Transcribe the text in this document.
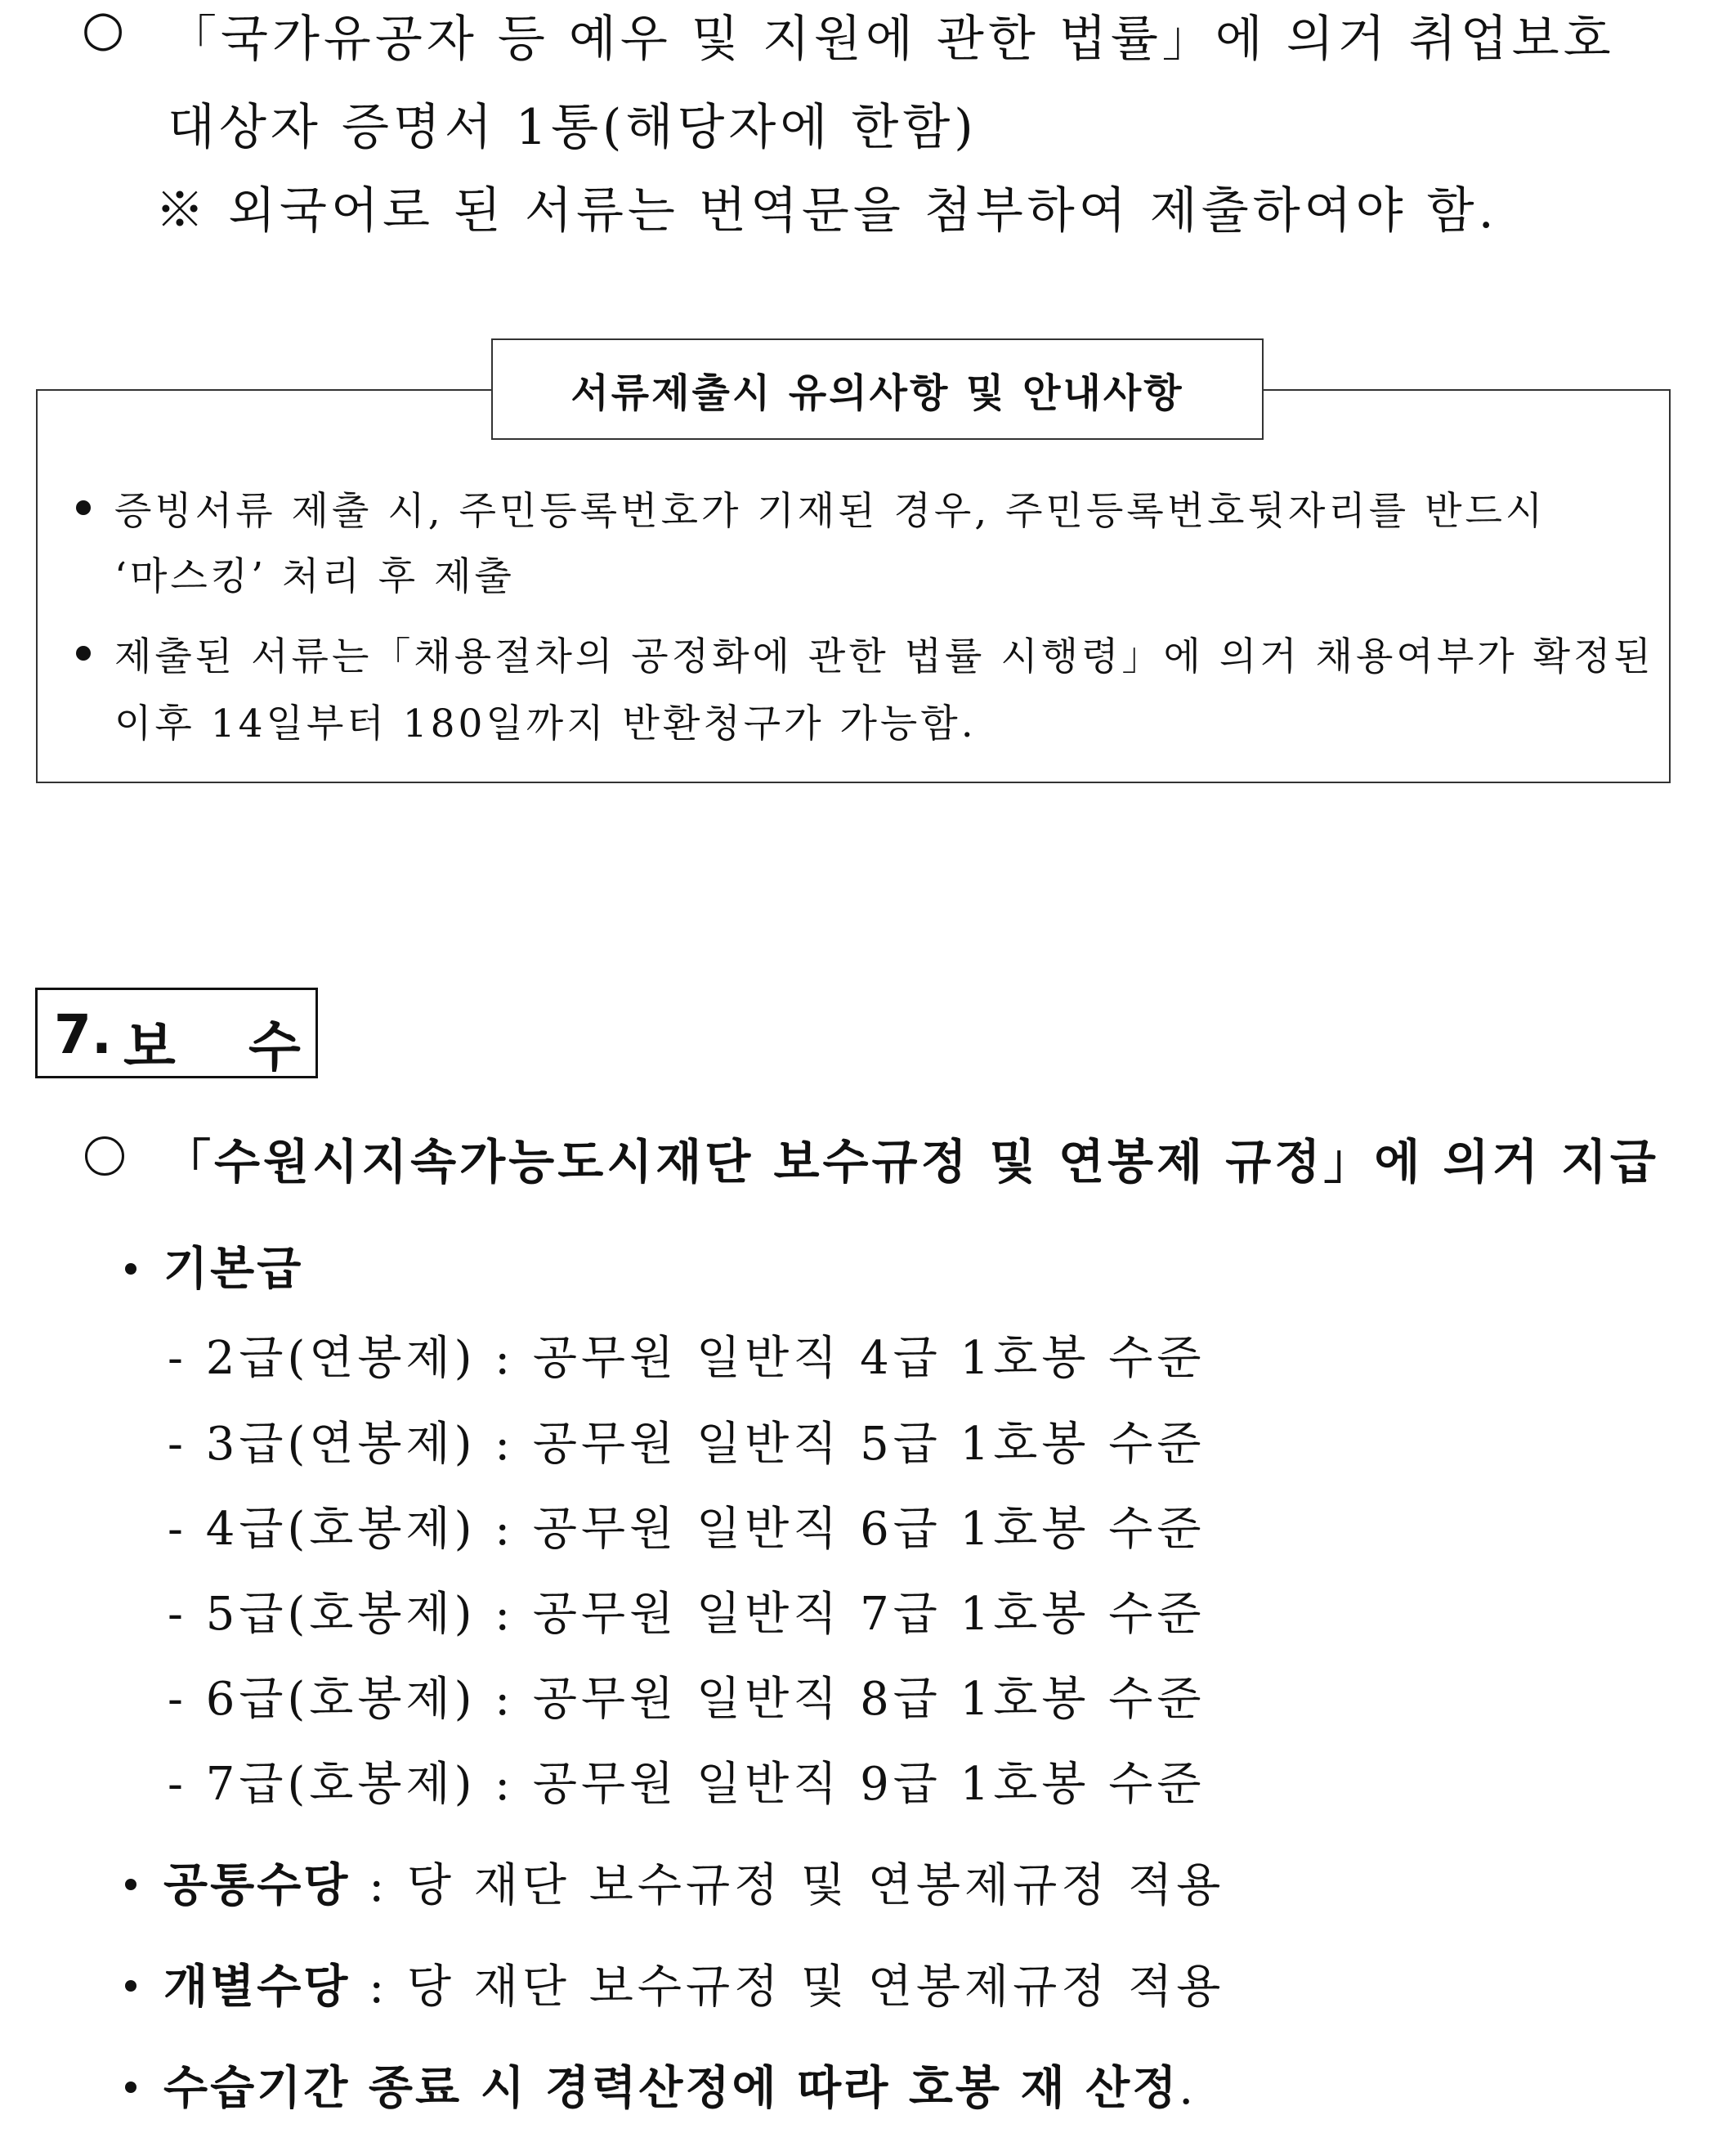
○ 「국가유공자 등 예우 및 지원에 관한 법률」에 의거 취업보호
대상자 증명서 1통(해당자에 한함)
※ 외국어로 된 서류는 번역문을 첨부하여 제출하여야 함.
서류제출시 유의사항 및 안내사항
증빙서류 제출 시, 주민등록번호가 기재된 경우, 주민등록번호뒷자리를 반드시
‘마스킹’ 처리 후 제출
제출된 서류는「채용절차의 공정화에 관한 법률 시행령」에 의거 채용여부가 확정된
이후 14일부터 180일까지 반환청구가 가능함.
7. 보 수
「수원시지속가능도시재단 보수규정 및 연봉제 규정」에 의거 지급
기본급
- 2급(연봉제) : 공무원 일반직 4급 1호봉 수준
- 3급(연봉제) : 공무원 일반직 5급 1호봉 수준
- 4급(호봉제) : 공무원 일반직 6급 1호봉 수준
- 5급(호봉제) : 공무원 일반직 7급 1호봉 수준
- 6급(호봉제) : 공무원 일반직 8급 1호봉 수준
- 7급(호봉제) : 공무원 일반직 9급 1호봉 수준
공통수당 : 당 재단 보수규정 및 연봉제규정 적용
개별수당 : 당 재단 보수규정 및 연봉제규정 적용
수습기간 종료 시 경력산정에 따라 호봉 재 산정.
